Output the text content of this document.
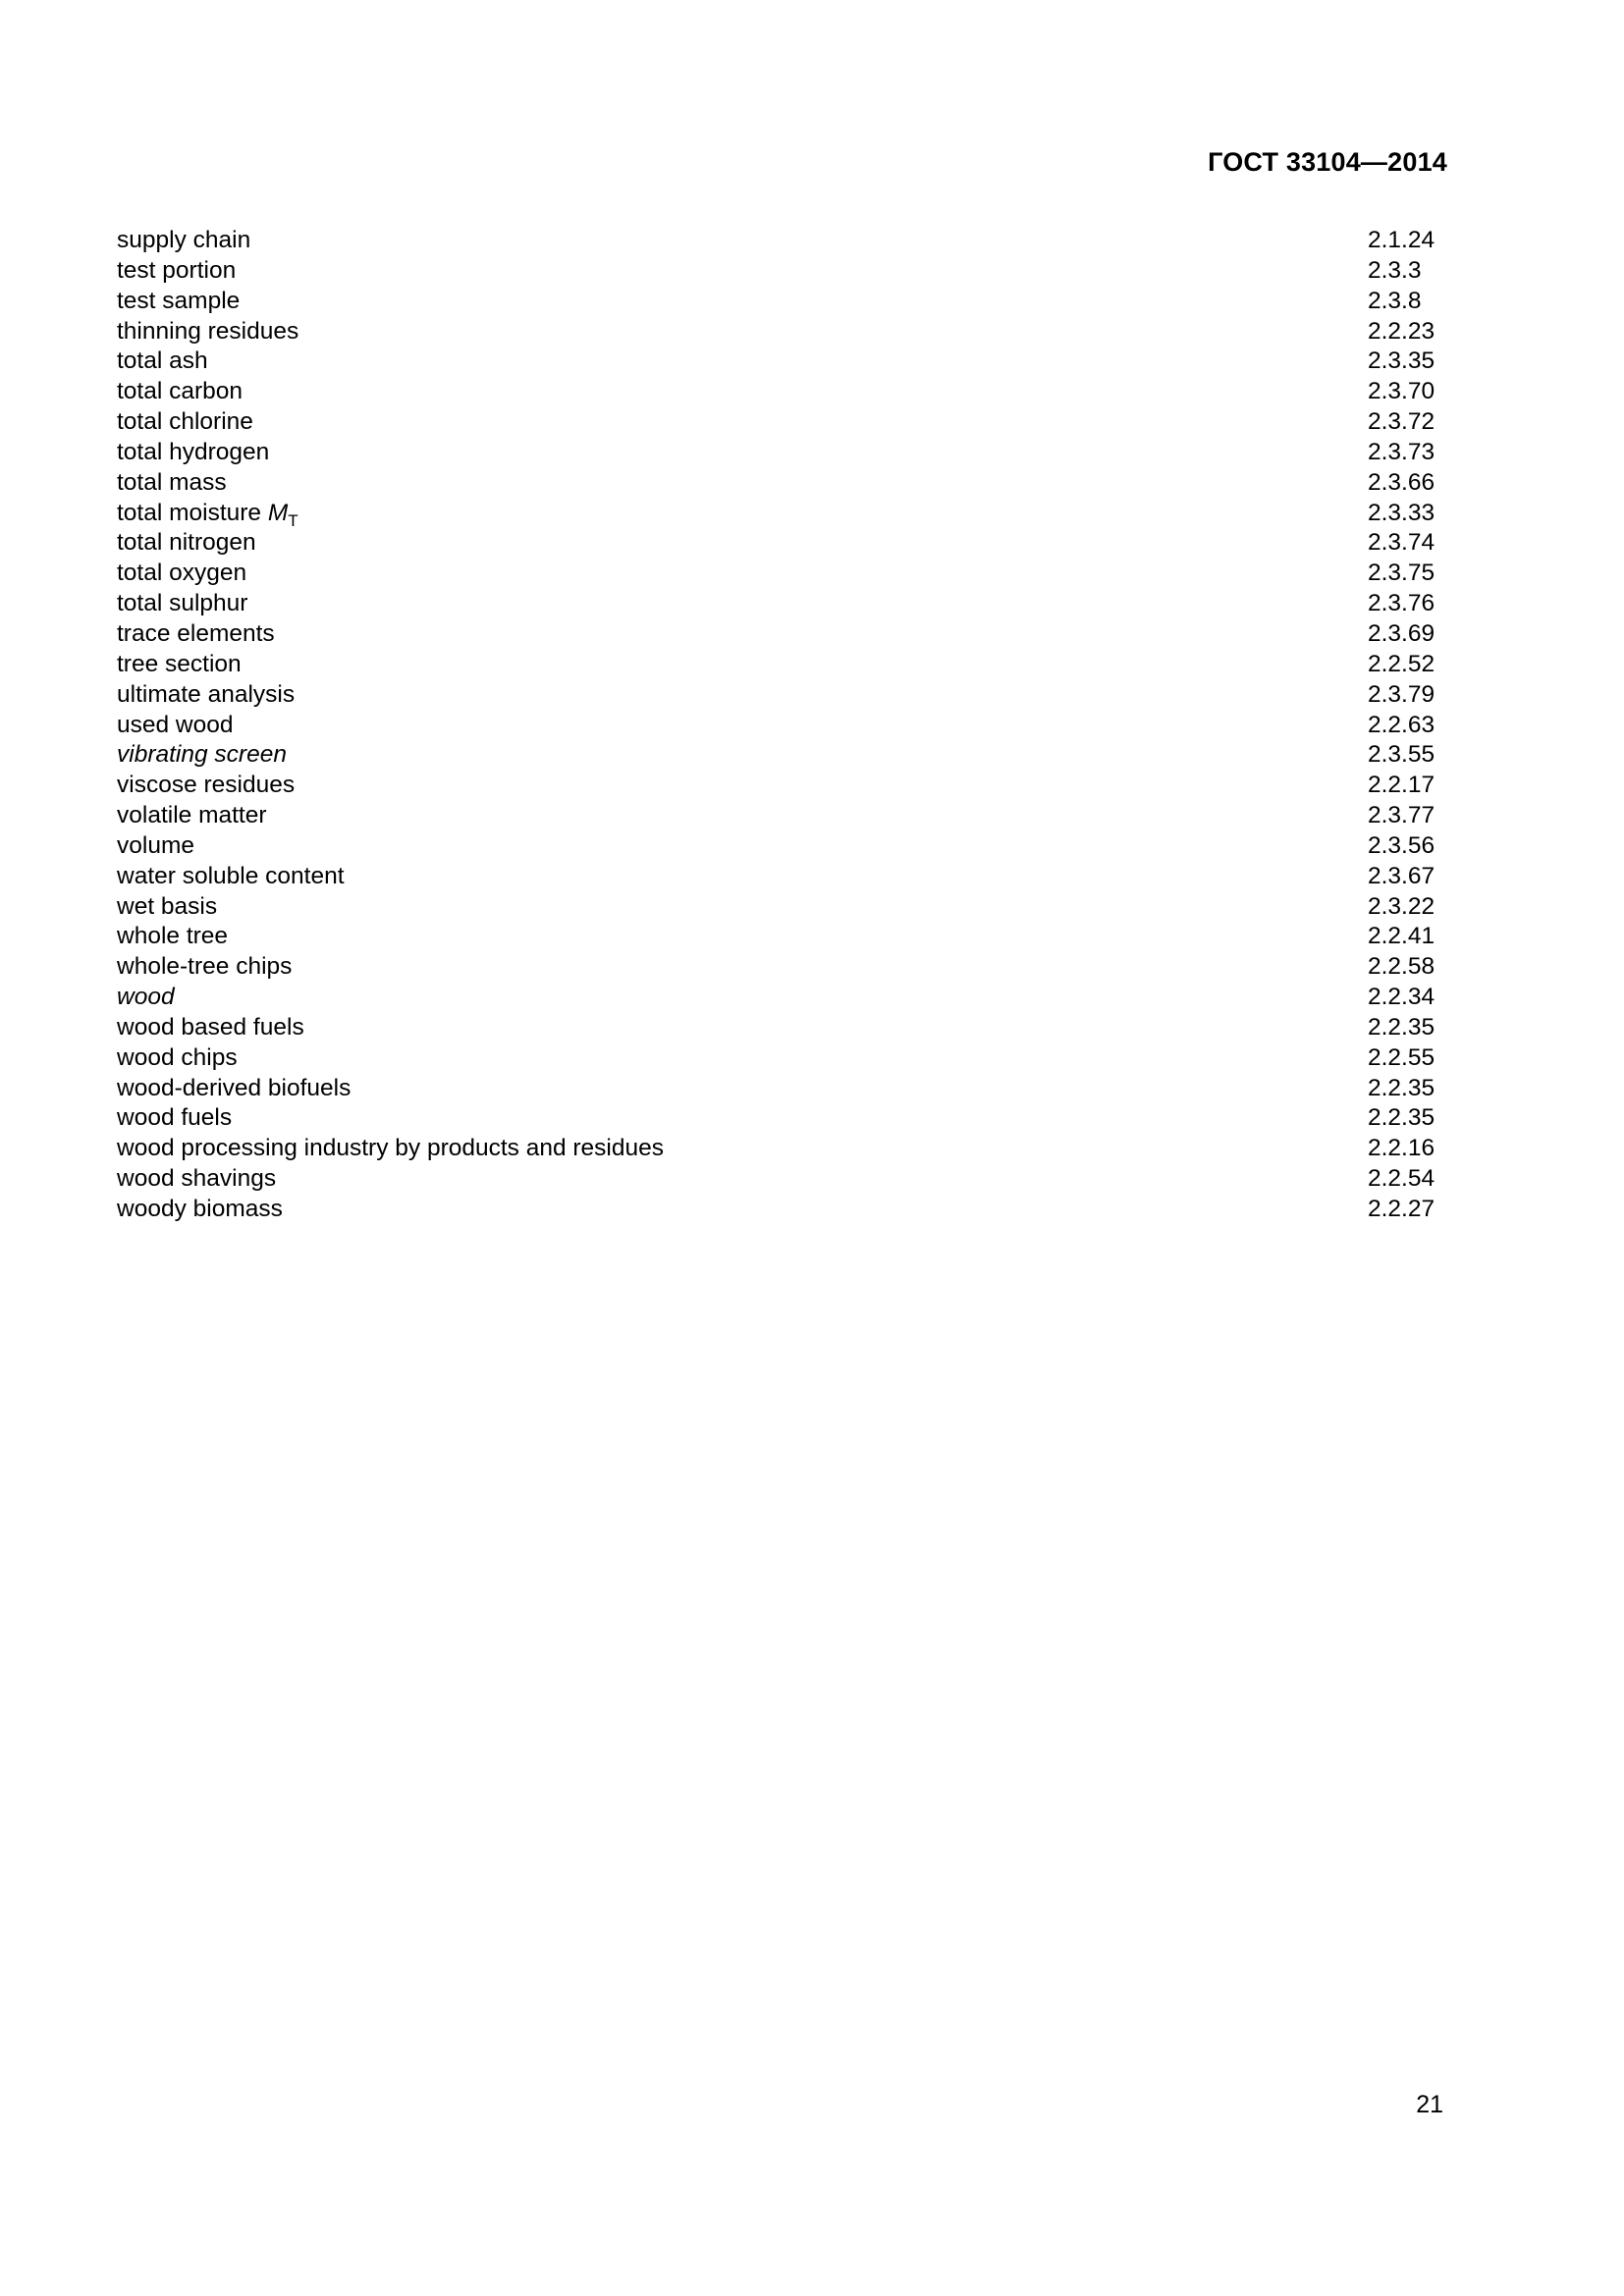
ГОСТ 33104—2014
supply chain	2.1.24
test portion	2.3.3
test sample	2.3.8
thinning residues	2.2.23
total ash	2.3.35
total carbon	2.3.70
total chlorine	2.3.72
total hydrogen	2.3.73
total mass	2.3.66
total moisture $M_T$	2.3.33
total nitrogen	2.3.74
total oxygen	2.3.75
total sulphur	2.3.76
trace elements	2.3.69
tree section	2.2.52
ultimate analysis	2.3.79
used wood	2.2.63
vibrating screen	2.3.55
viscose residues	2.2.17
volatile matter	2.3.77
volume	2.3.56
water soluble content	2.3.67
wet basis	2.3.22
whole tree	2.2.41
whole-tree chips	2.2.58
wood	2.2.34
wood based fuels	2.2.35
wood chips	2.2.55
wood-derived biofuels	2.2.35
wood fuels	2.2.35
wood processing industry by products and residues	2.2.16
wood shavings	2.2.54
woody biomass	2.2.27
21
